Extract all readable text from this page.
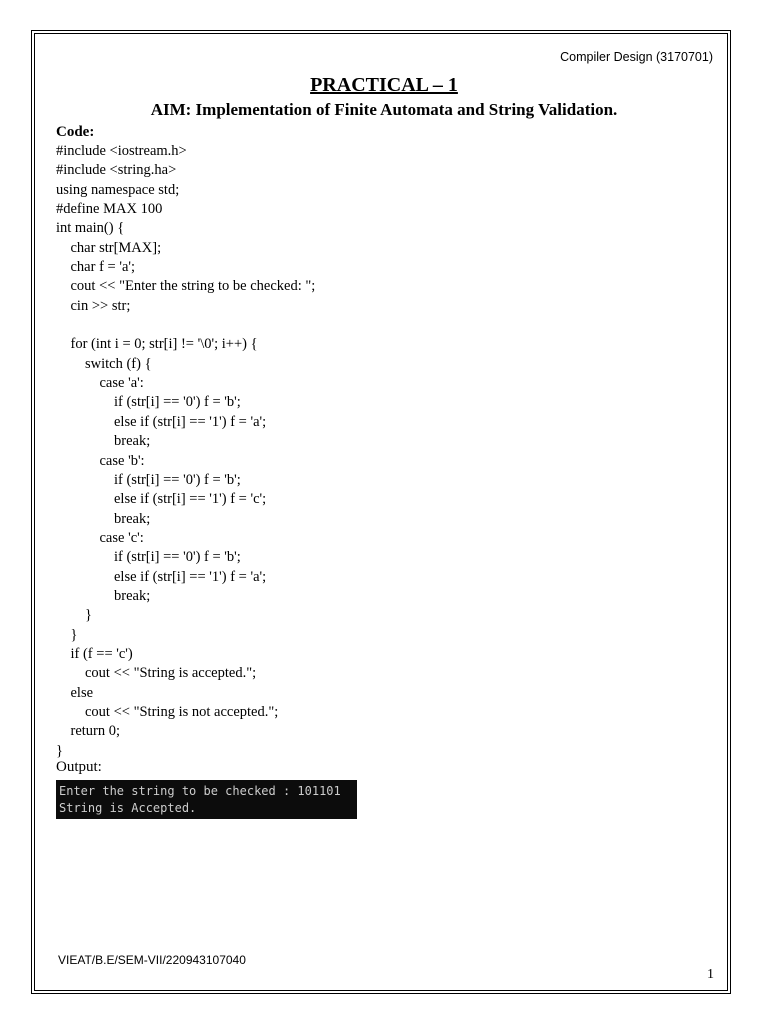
Compiler Design (3170701)
PRACTICAL – 1
AIM: Implementation of Finite Automata and String Validation.
Code:
#include <iostream.h>
#include <string.ha>
using namespace std;
#define MAX 100
int main() {
char str[MAX];
char f = 'a';
cout << "Enter the string to be checked: ";
cin >> str;

for (int i = 0; str[i] != '\0'; i++) {
switch (f) {
case 'a':
if (str[i] == '0') f = 'b';
else if (str[i] == '1') f = 'a';
break;
case 'b':
if (str[i] == '0') f = 'b';
else if (str[i] == '1') f = 'c';
break;
case 'c':
if (str[i] == '0') f = 'b';
else if (str[i] == '1') f = 'a';
break;
}
}
if (f == 'c')
cout << "String is accepted.";
else
cout << "String is not accepted.";
return 0;
}
Output:
Enter the string to be checked : 101101
String is Accepted.
VIEAT/B.E/SEM-VII/220943107040
1
